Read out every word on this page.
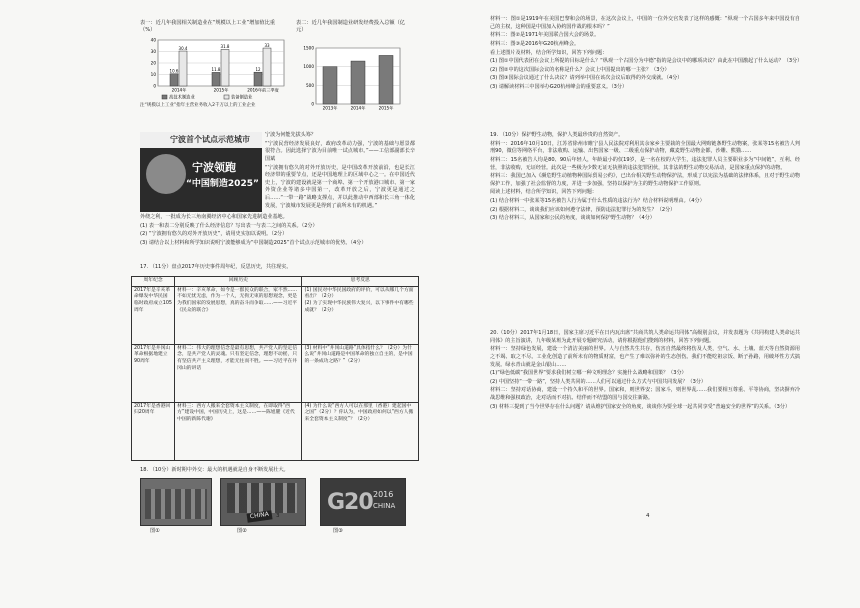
表一：近几年我国相关制造业在“规模以上工业”增加值比重（%）
0
10
20
30
40
10.6
30.4
2014年
11.8
31.8
2015年
12
33
2016年前三季度
高技术制造业	装备制造业
注“规模以上工业”指年主营业务收入2千万以上的工业企业
表二：近几年我国制造业研发经费投入总额（亿元）
0
500
1000
1500
2013年	2014年	2015年
宁波首个试点示范城市
宁波领跑
“中国制造2025”

宁波为何能先拔头筹？

“宁波民营经济发展良好，政府改革动力强，宁波的基础与愿景都很符合。因此选择宁波为目前唯一试点城市。”——工信部副部长辛国斌

“宁波拥有悠久的对外开放历史，是中国改革开放前沿，也是长江经济带的重要节点，还是中国地理上的区域中心之一。在中国近代史上，宁波的建设就是第一个商埠、第一个开放港口城市、第一家外资企业等诸多中国第一，改革开放之后，宁波更是通过之后……“一带一路”战略支撑点，并以此推动中西部和长三角一体化发展，宁波城市发展更是得到了前所未有的机遇。”

外绕之利，一批成为长三角南翼经济中心和国家先进制造业基地。

(1) 表一和表二分别反映了什么经济信息？写出表一与表二之间的关系。（2分）

(2) “宁波拥有悠久的对外开放历史”，请用史实加以说明。（2分）

(3) 请结合以上材料和所学知识说明宁波能够成为“中国制造2025”首个试点示范城市的优势。（4分）

17. （11分）盘点2017年历史事件周年纪，反思历史，共往现实。
周年纪念	回顾历史	思考反思
2017年是辛亥革命爆发中华民国临时政府成立105周年	材料一：辛亥革命，如今是一群民众的联合，家不然……不如无忧无虑，作为一个人，无拘无束的思想观念，更是为我们国家的发展思想，真的奋斗而争取……——习近平《民众的联合》	(1) 国民对中华民国政府的评价，可以从哪几个方面看出？（2分）
(2) 为了实现中华民族伟大复兴，以下事件中有哪些成就？（2分）
2017年是井冈山革命根据地建立90周年	材料二：伟大的理想信念是最有思想，共产党人的坚定信念，是共产党人的灵魂。只有坚定信念，理想不动摇，只有坚信共产主义理想，才能无往而不胜。——习近平在井冈山的讲话	(3) 材料中“井冈山道路”具体指什么？（2分）为什么说“井冈山道路是中国革命的独立自主的，是中国的一条成功之路？”（2分）
2017年是香港回归20周年	材料三：西方人搬来全套资本主义制度，在即取得“西方”建设中国，中国历史上，这是……——陈旭麓《近代中国的新陈代谢》	(4) 为什么说“西方人可以在那里（香港）建起国中之国”（2分）？你认为，中国政府如何以“西方人搬来全套资本主义制度”？（2分）
18. （10分）新时期中外交：最大的机遇就是自身不断发展壮大。
CHINA
G20 2016
CHINA
图①	图②	图③
3

材料一：图①是1919年在美国巴黎和会的场景，在这次会议上，中国的一位外交官发表了这样的感慨：“纵观一个古国多年来中国没有自己的主权，这种国是中国加入协约国作战的根本吗？”

材料二：图②是1971年美国联合国大会的场景。

材料三：图③是2016年G20杭州峰会。

看上述图片及材料，结合所学知识，回答下列问题：

(1) 图①中国代表团在会议上所提的目标是什么？“纵观一个古国分为中德”指的是会议中的哪项决议？由此在中国激起了什么运动？（3分）

(2) 图②中的这次国际会议的名称是什么？会议上中国提出的哪一主张？（3分）

(3) 图③国际会议通过了什么决议？请列举中国在该次会议后取得的外交成就。（4分）

(3) 请解读材料三中国举办G20杭州峰会的重要意义。（3分）

19. （10分）保护野生动物，保护人类最珍贵的自然资产。

材料一：2016年10月10日，江苏省徐州市睢宁县人民法院对利用其余家乡主要栽的全国最大网购链条野生动物案，张某等15名被告人判刑90，微信等网络平台，非法收购、运输、出售国家一级、二级重点保护动物，藏麦野生动物金都，沙雕、熊猫……

材料二：15名被告人均是80、90后年轻人，年龄最小的仅19岁，是一名在校的大学生，违法犯罪人员主要职业多为“中间链”，互利、经营，非法收购，无证经营。此次是一些极为少数无证无执照的违法犯罪团伙，其非法的野生动物交易活动，是国家重点保护的动物。

材料三：我国已加入《濒危野生动植物种国际贸易公约》，已出台相关野生动物保护法，形成了以宪法为基础的法律体系，且对于野生动物保护工作，加强了社会监督的力度，并进一步加强，坚持以保护为主的野生动物保护工作原则。

阅读上述材料，结合所学知识，回答下列问题：

(1) 结合材料一中张某等15名被告人行为属于什么性质的违法行为？结合材料说明理由。（4分）

(2) 根据材料二，谈谈我们应该如何遵守法律，预防违法犯罪行为的发生？（2分）

(3) 结合材料三，从国家和公民的角度，谈谈如何保护野生动物？（4分）

20.（10分）2017年1月18日，国家主席习近平在日内瓦出席“共商共筑人类命运共同体”高级别会议，并发表题为《共同构建人类命运共同体》的主旨演讲，九年级某班为此开展专题研究活动，请你根据他们搜到的材料，回答下列问题。

材料一：坚持绿色发展，建设一个清洁美丽的世界。人与自然共生共存，伤害自然最终将伤及人类，空气、水、土壤、蓝天等自然资源用之不竭、取之不尽。工业化创造了前所未有的物质财富，也产生了难以弥补的生态创伤。我们不能吃祖宗饭、断子孙路，用破坏性方式搞发展。绿水青山就是金山银山……

(1)“绿色低碳”我国世界“要求我们树立哪一种文明理念？实施什么战略和国策？（3分）

(2) 中国坚持“一带一路”，坚持人类共同的……人们可以通过什么方式与中国共同发展？（3分）

材料二：坚持对话协商，建设一个持久和平的世界。国家和，则世界安；国家斗，则世界乱……我们要相互尊重、平等协商，坚决摒弃冷战思维和强权政治，走对话而不对抗、结伴而不结盟的国与国交往新路。

(3) 材料三提到了当今世界存在什么问题？请从维护国家安全的角度，谈谈你为要全球一起共同享受“普遍安全的世界”的关系。（3分）

4
